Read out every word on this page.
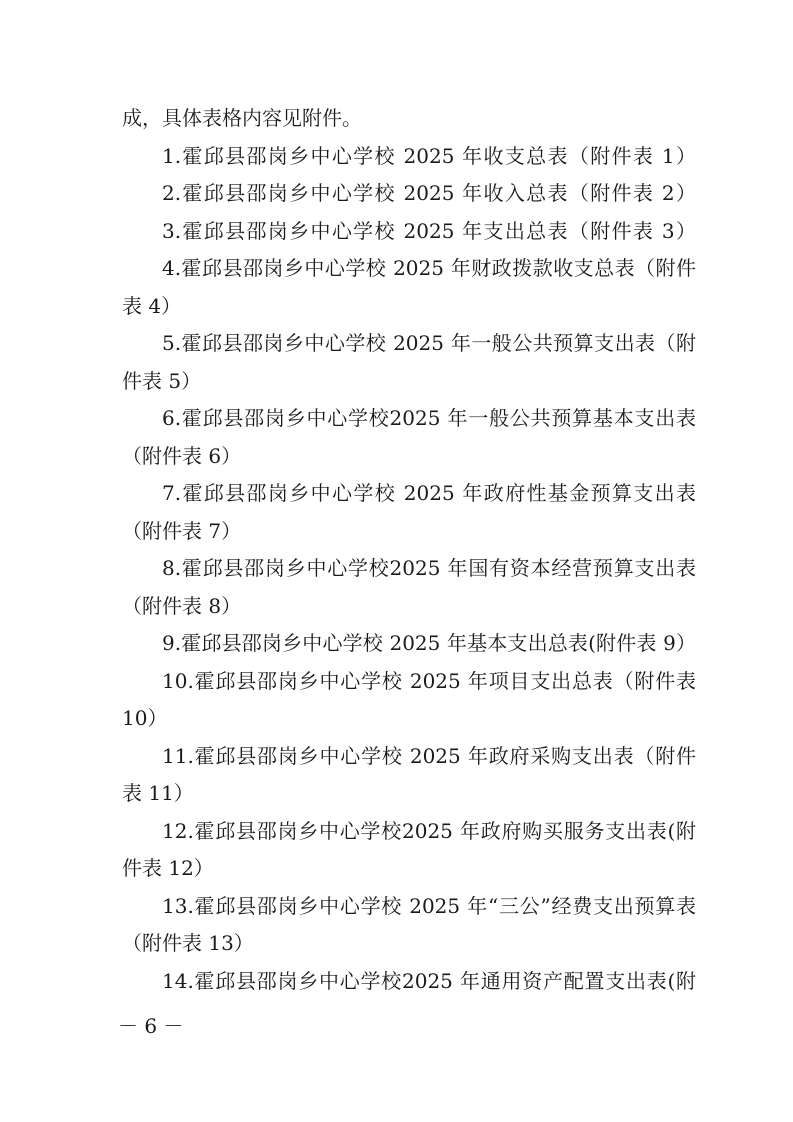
成，具体表格内容见附件。
1.霍邱县邵岗乡中心学校 2025 年收支总表（附件表 1）
2.霍邱县邵岗乡中心学校 2025 年收入总表（附件表 2）
3.霍邱县邵岗乡中心学校 2025 年支出总表（附件表 3）
4.霍邱县邵岗乡中心学校 2025 年财政拨款收支总表（附件
表 4）
5.霍邱县邵岗乡中心学校 2025 年一般公共预算支出表（附
件表 5）
6.霍邱县邵岗乡中心学校2025 年一般公共预算基本支出表
（附件表 6）
7.霍邱县邵岗乡中心学校 2025 年政府性基金预算支出表
（附件表 7）
8.霍邱县邵岗乡中心学校2025 年国有资本经营预算支出表
（附件表 8）
9.霍邱县邵岗乡中心学校 2025 年基本支出总表(附件表 9）
10.霍邱县邵岗乡中心学校 2025 年项目支出总表（附件表
10）
11.霍邱县邵岗乡中心学校 2025 年政府采购支出表（附件
表 11）
12.霍邱县邵岗乡中心学校2025 年政府购买服务支出表(附
件表 12）
13.霍邱县邵岗乡中心学校 2025 年“三公”经费支出预算表
（附件表 13）
14.霍邱县邵岗乡中心学校2025 年通用资产配置支出表(附
－ 6 －
